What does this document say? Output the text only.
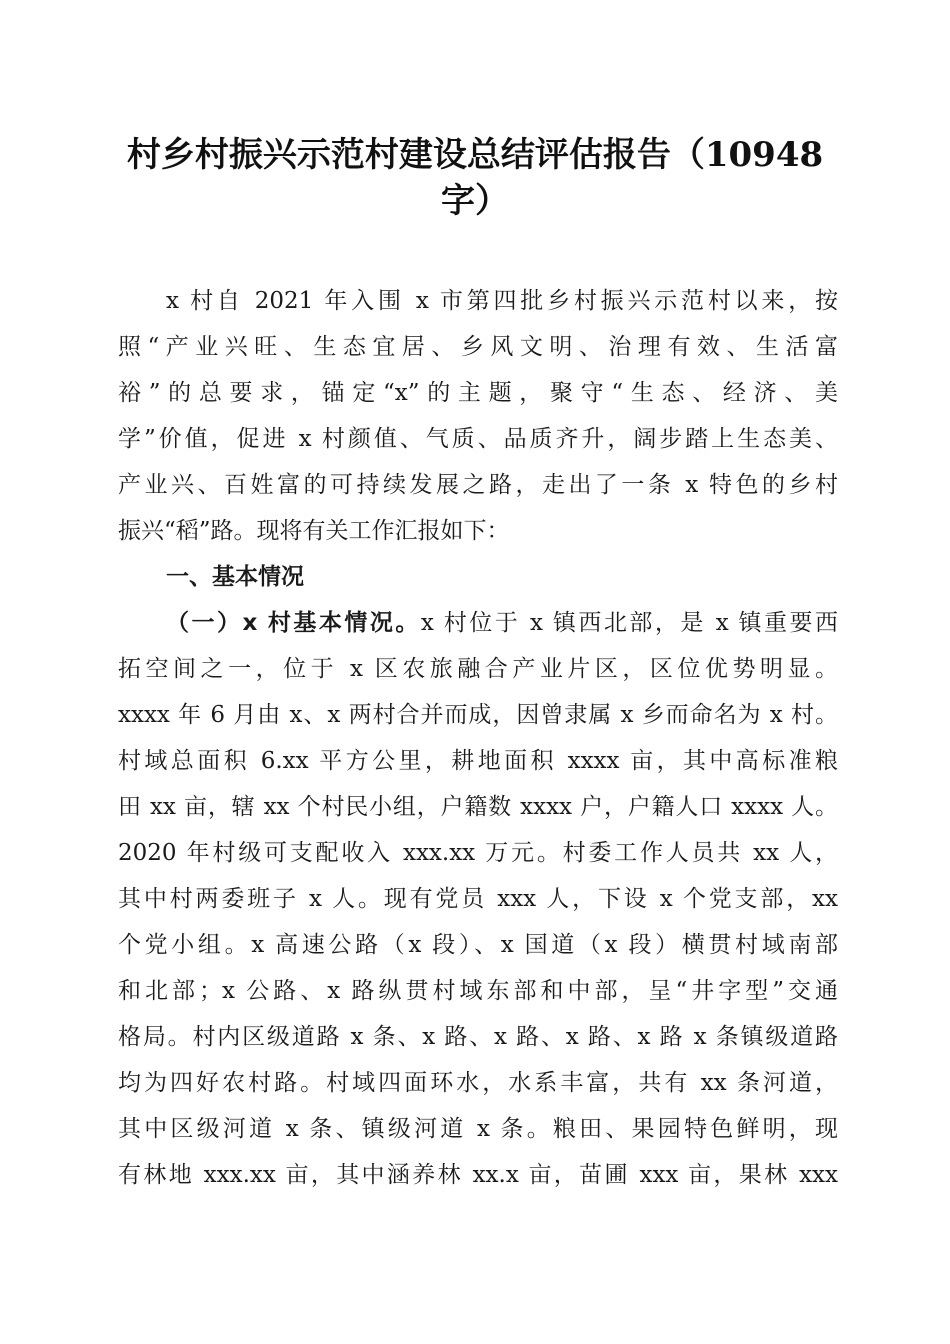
村乡村振兴示范村建设总结评估报告（10948
字）
x 村自 2021 年入围 x 市第四批乡村振兴示范村以来，按
照“产业兴旺、生态宜居、乡风文明、治理有效、生活富
裕”的总要求，锚定“x”的主题，聚守“生态、经济、美
学”价值，促进 x 村颜值、气质、品质齐升，阔步踏上生态美、
产业兴、百姓富的可持续发展之路，走出了一条 x 特色的乡村
振兴“稻”路。现将有关工作汇报如下：
一、基本情况
（一）x 村基本情况。x 村位于 x 镇西北部，是 x 镇重要西
拓空间之一，位于 x 区农旅融合产业片区，区位优势明显。
xxxx 年 6 月由 x、x 两村合并而成，因曾隶属 x 乡而命名为 x 村。
村域总面积 6.xx 平方公里，耕地面积 xxxx 亩，其中高标准粮
田 xx 亩，辖 xx 个村民小组，户籍数 xxxx 户，户籍人口 xxxx 人。
2020 年村级可支配收入 xxx.xx 万元。村委工作人员共 xx 人，
其中村两委班子 x 人。现有党员 xxx 人，下设 x 个党支部，xx
个党小组。x 高速公路（x 段）、x 国道（x 段）横贯村域南部
和北部；x 公路、x 路纵贯村域东部和中部，呈“井字型”交通
格局。村内区级道路 x 条、x 路、x 路、x 路、x 路 x 条镇级道路
均为四好农村路。村域四面环水，水系丰富，共有 xx 条河道，
其中区级河道 x 条、镇级河道 x 条。粮田、果园特色鲜明，现
有林地 xxx.xx 亩，其中涵养林 xx.x 亩，苗圃 xxx 亩，果林 xxx
